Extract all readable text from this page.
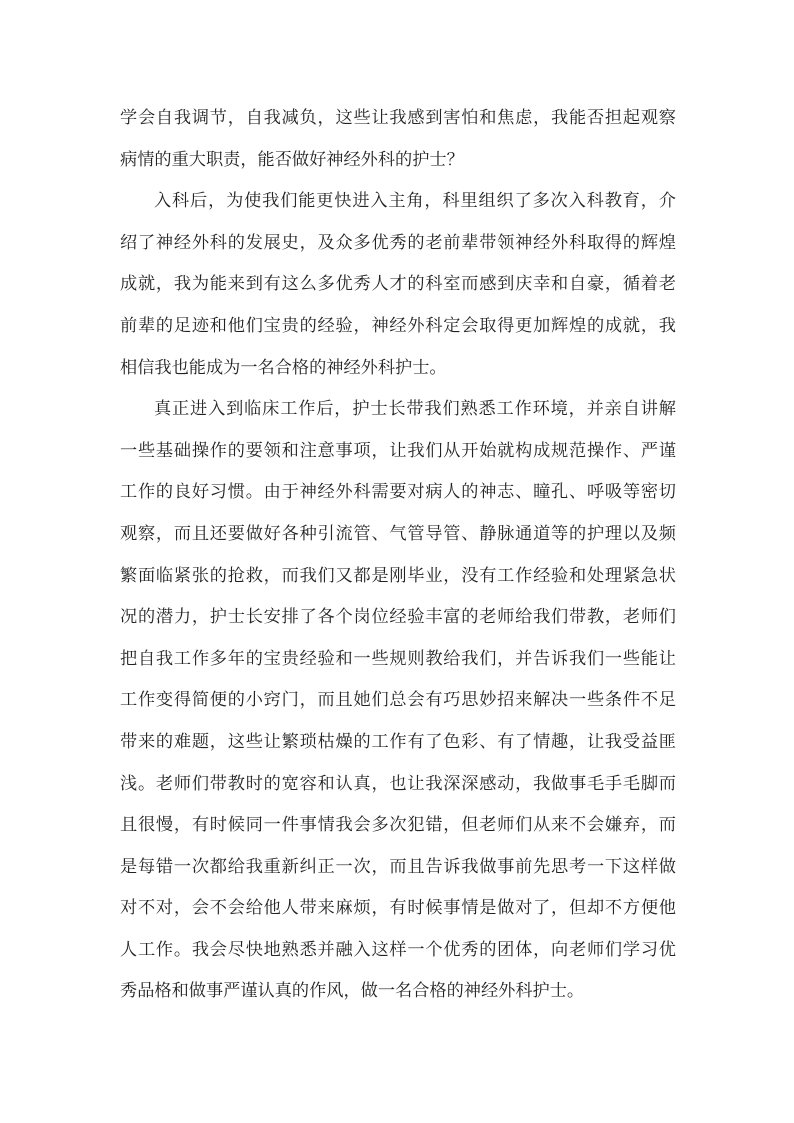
学会自我调节，自我减负，这些让我感到害怕和焦虑，我能否担起观察
病情的重大职责，能否做好神经外科的护士？
入科后，为使我们能更快进入主角，科里组织了多次入科教育，介
绍了神经外科的发展史，及众多优秀的老前辈带领神经外科取得的辉煌
成就，我为能来到有这么多优秀人才的科室而感到庆幸和自豪，循着老
前辈的足迹和他们宝贵的经验，神经外科定会取得更加辉煌的成就，我
相信我也能成为一名合格的神经外科护士。
真正进入到临床工作后，护士长带我们熟悉工作环境，并亲自讲解
一些基础操作的要领和注意事项，让我们从开始就构成规范操作、严谨
工作的良好习惯。由于神经外科需要对病人的神志、瞳孔、呼吸等密切
观察，而且还要做好各种引流管、气管导管、静脉通道等的护理以及频
繁面临紧张的抢救，而我们又都是刚毕业，没有工作经验和处理紧急状
况的潜力，护士长安排了各个岗位经验丰富的老师给我们带教，老师们
把自我工作多年的宝贵经验和一些规则教给我们，并告诉我们一些能让
工作变得简便的小窍门，而且她们总会有巧思妙招来解决一些条件不足
带来的难题，这些让繁琐枯燥的工作有了色彩、有了情趣，让我受益匪
浅。老师们带教时的宽容和认真，也让我深深感动，我做事毛手毛脚而
且很慢，有时候同一件事情我会多次犯错，但老师们从来不会嫌弃，而
是每错一次都给我重新纠正一次，而且告诉我做事前先思考一下这样做
对不对，会不会给他人带来麻烦，有时候事情是做对了，但却不方便他
人工作。我会尽快地熟悉并融入这样一个优秀的团体，向老师们学习优
秀品格和做事严谨认真的作风，做一名合格的神经外科护士。
